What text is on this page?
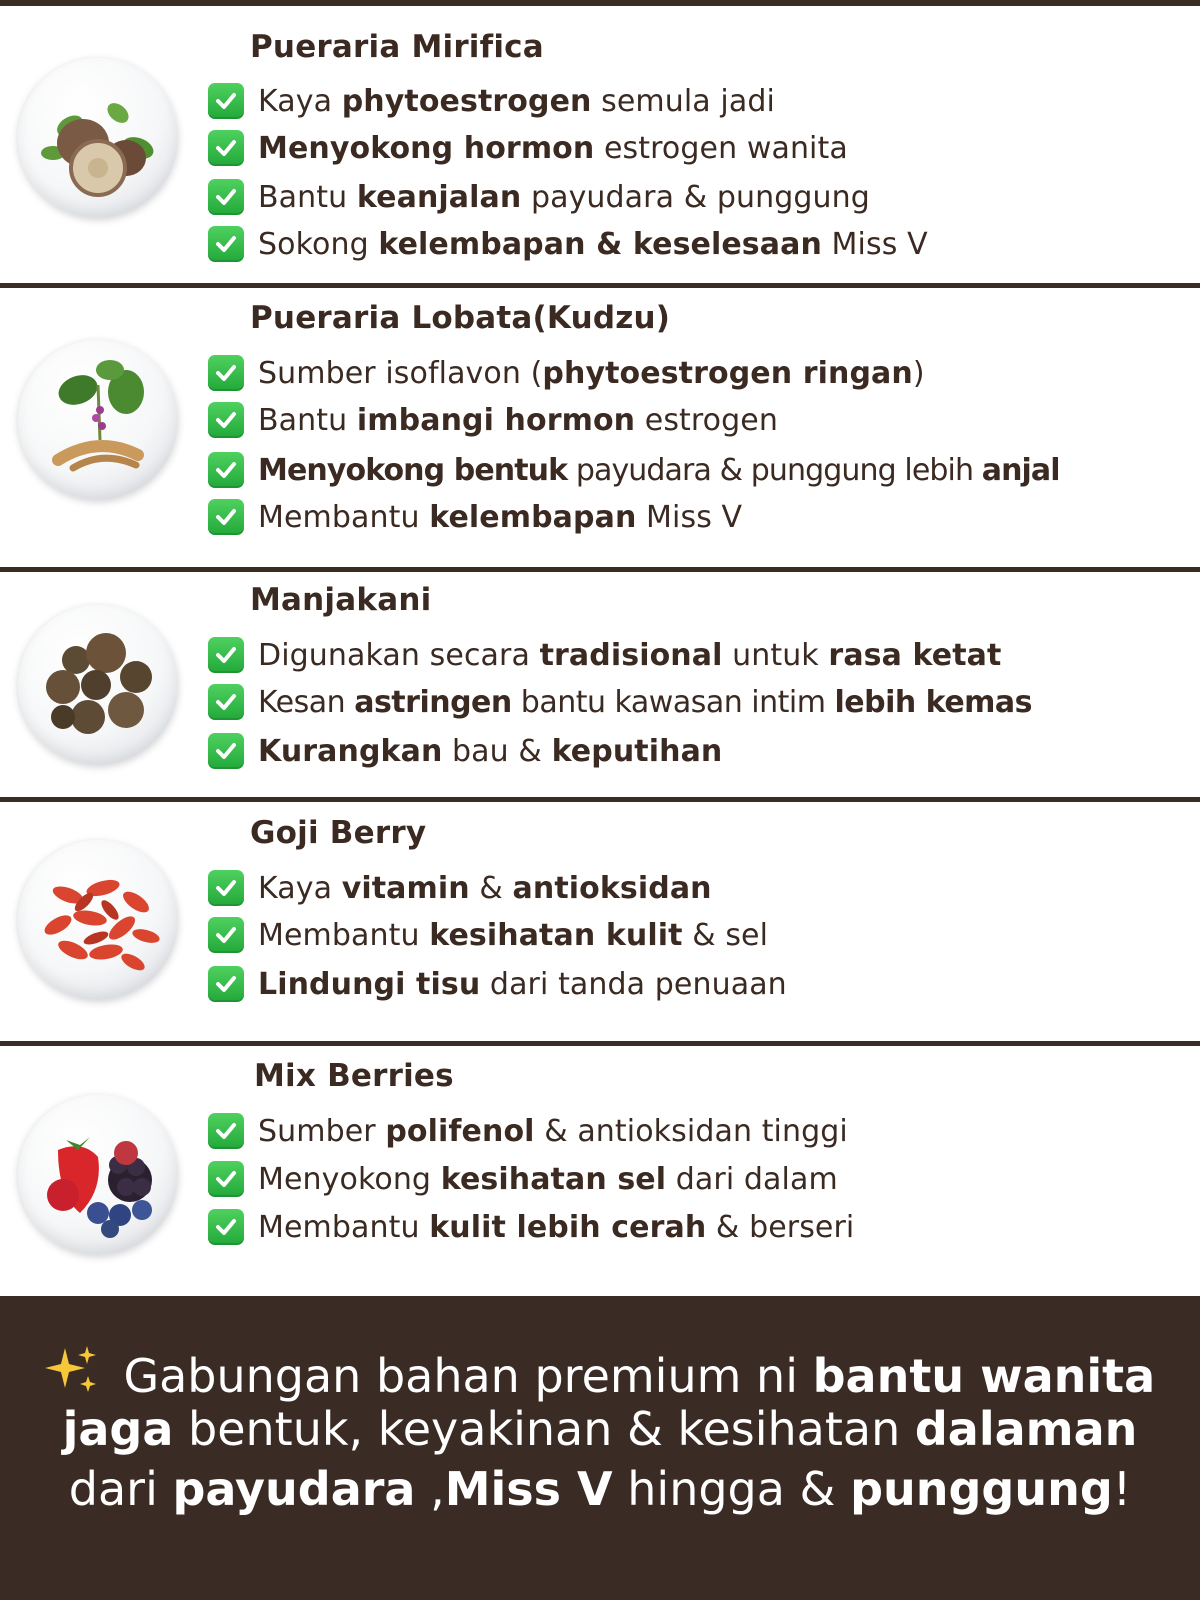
Pueraria Mirifica
Kaya phytoestrogen semula jadi
Menyokong hormon estrogen wanita
Bantu keanjalan payudara & punggung
Sokong kelembapan & keselesaan Miss V
Pueraria Lobata(Kudzu)
Sumber isoflavon (phytoestrogen ringan)
Bantu imbangi hormon estrogen
Menyokong bentuk payudara & punggung lebih anjal
Membantu kelembapan Miss V
Manjakani
Digunakan secara tradisional untuk rasa ketat
Kesan astringen bantu kawasan intim lebih kemas
Kurangkan bau & keputihan
Goji Berry
Kaya vitamin & antioksidan
Membantu kesihatan kulit & sel
Lindungi tisu dari tanda penuaan
Mix Berries
Sumber polifenol & antioksidan tinggi
Menyokong kesihatan sel dari dalam
Membantu kulit lebih cerah & berseri
Gabungan bahan premium ni bantu wanita
jaga bentuk, keyakinan & kesihatan dalaman
dari payudara ,Miss V hingga & punggung!
